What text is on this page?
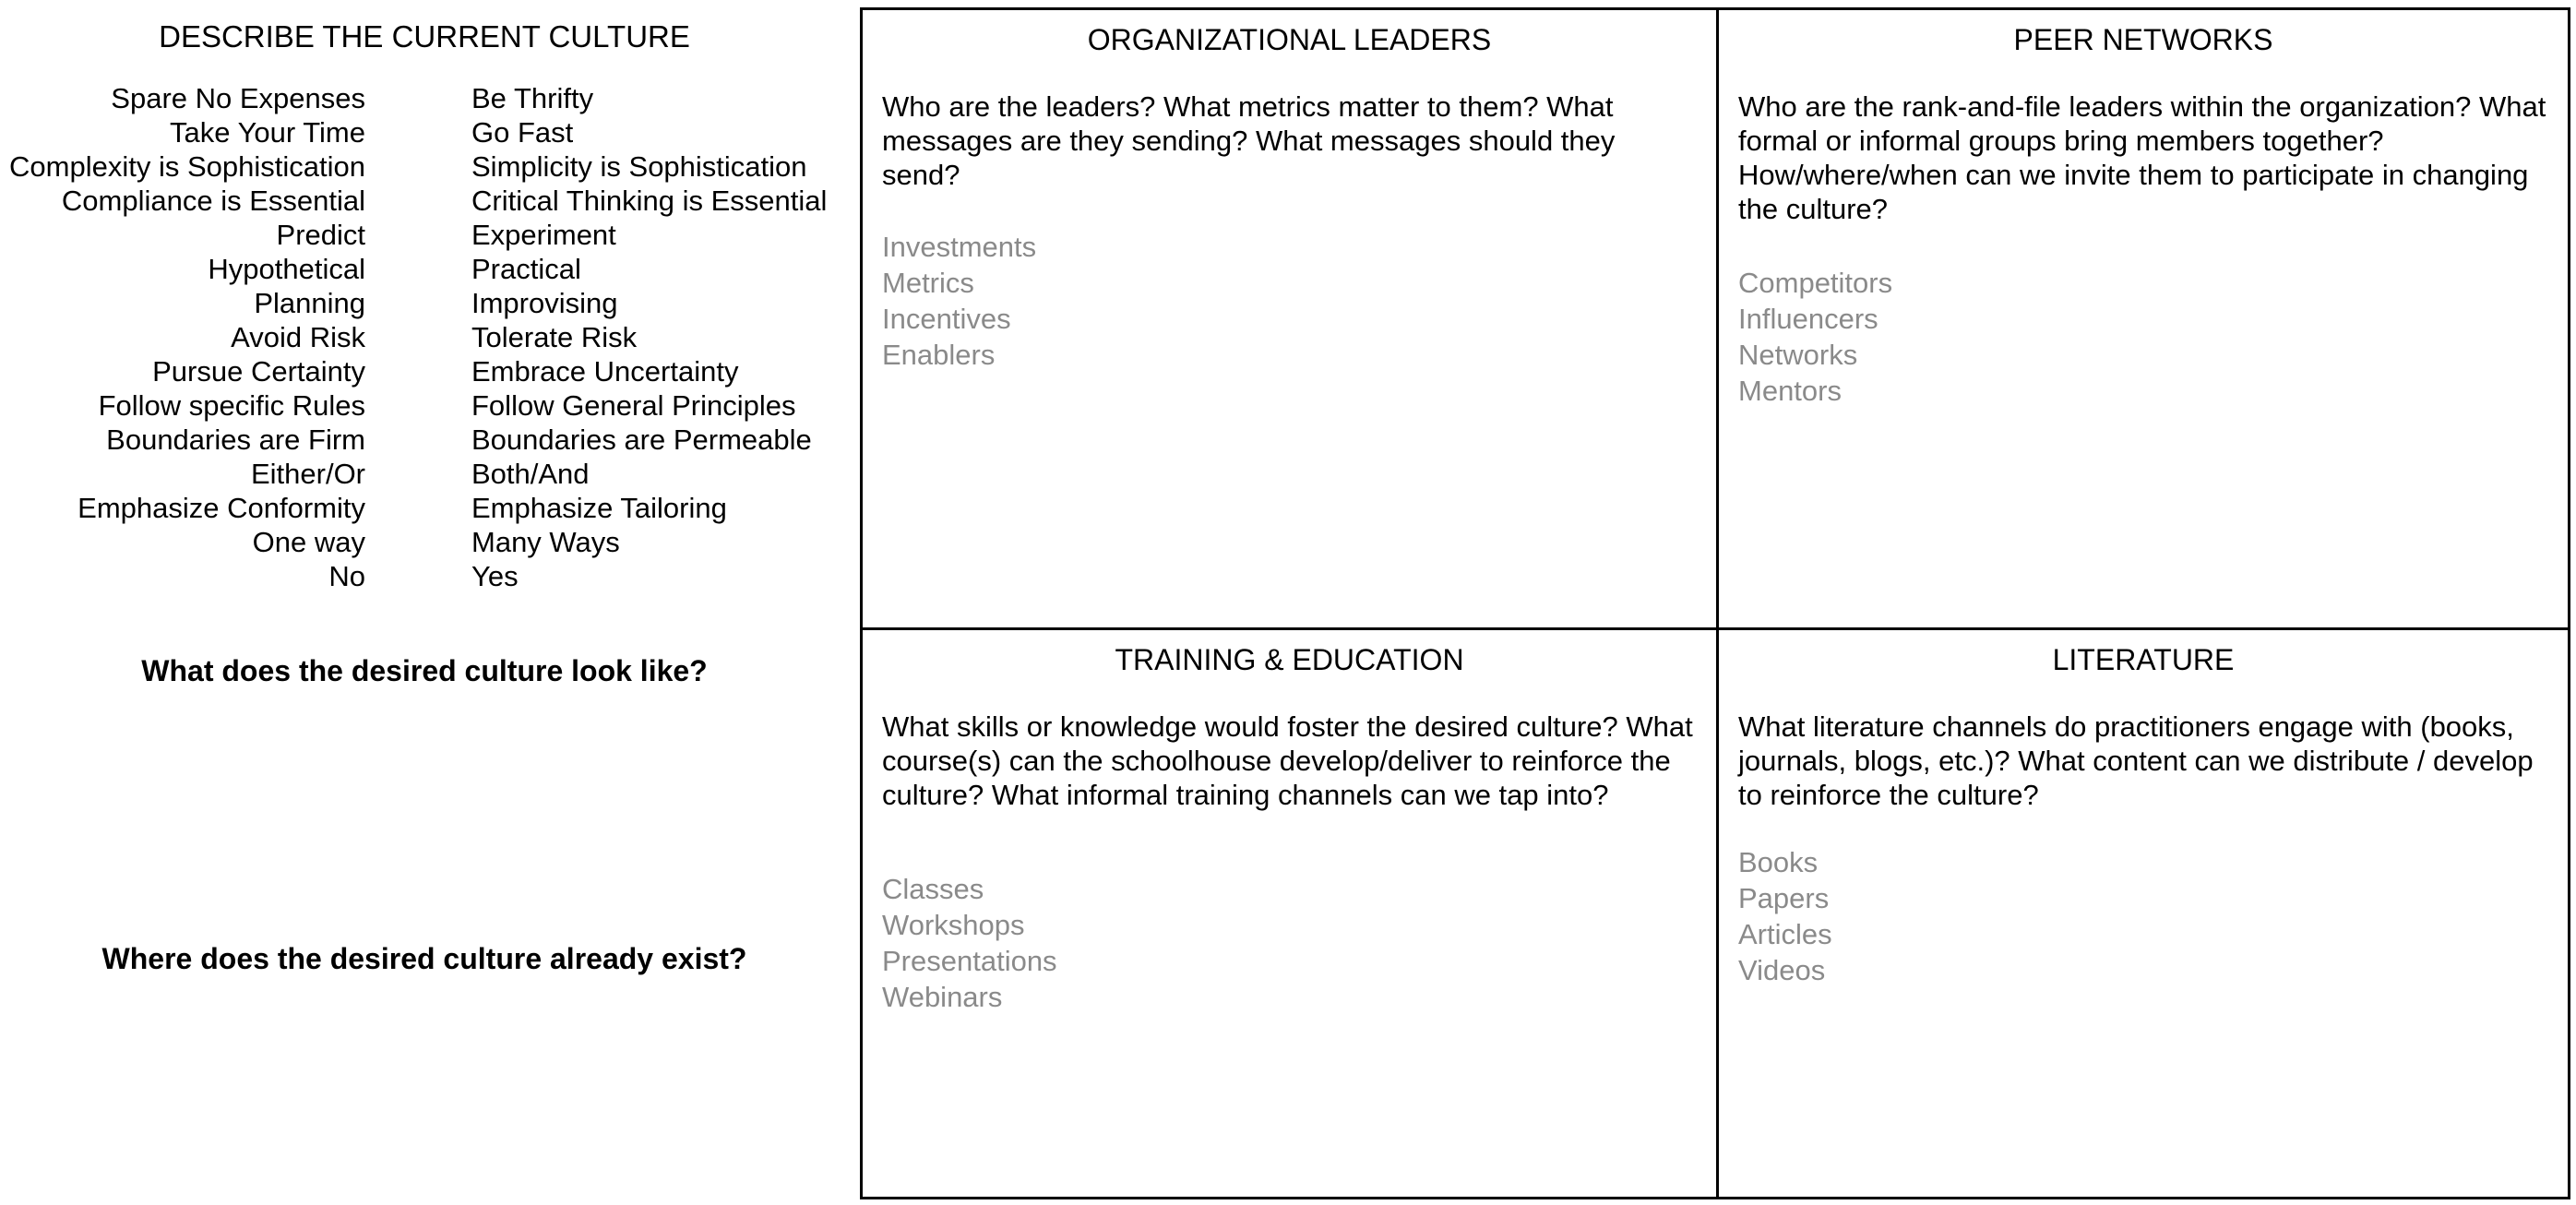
DESCRIBE THE CURRENT CULTURE
Spare No Expenses	Be Thrifty
Take Your Time	Go Fast
Complexity is Sophistication	Simplicity is Sophistication
Compliance is Essential	Critical Thinking is Essential
Predict	Experiment
Hypothetical	Practical
Planning	Improvising
Avoid Risk	Tolerate Risk
Pursue Certainty	Embrace Uncertainty
Follow specific Rules	Follow General Principles
Boundaries are Firm	Boundaries are Permeable
Either/Or	Both/And
Emphasize Conformity	Emphasize Tailoring
One way	Many Ways
No	Yes
What does the desired culture look like?
Where does the desired culture already exist?
ORGANIZATIONAL LEADERS
Who are the leaders? What metrics matter to them? What messages are they sending? What messages should they send?
Investments
Metrics
Incentives
Enablers
PEER NETWORKS
Who are the rank-and-file leaders within the organization? What formal or informal groups bring members together? How/where/when can we invite them to participate in changing the culture?
Competitors
Influencers
Networks
Mentors
TRAINING & EDUCATION
What skills or knowledge would foster the desired culture? What course(s) can the schoolhouse develop/deliver to reinforce the culture? What informal training channels can we tap into?
Classes
Workshops
Presentations
Webinars
LITERATURE
What literature channels do practitioners engage with (books, journals, blogs, etc.)? What content can we distribute / develop to reinforce the culture?
Books
Papers
Articles
Videos
